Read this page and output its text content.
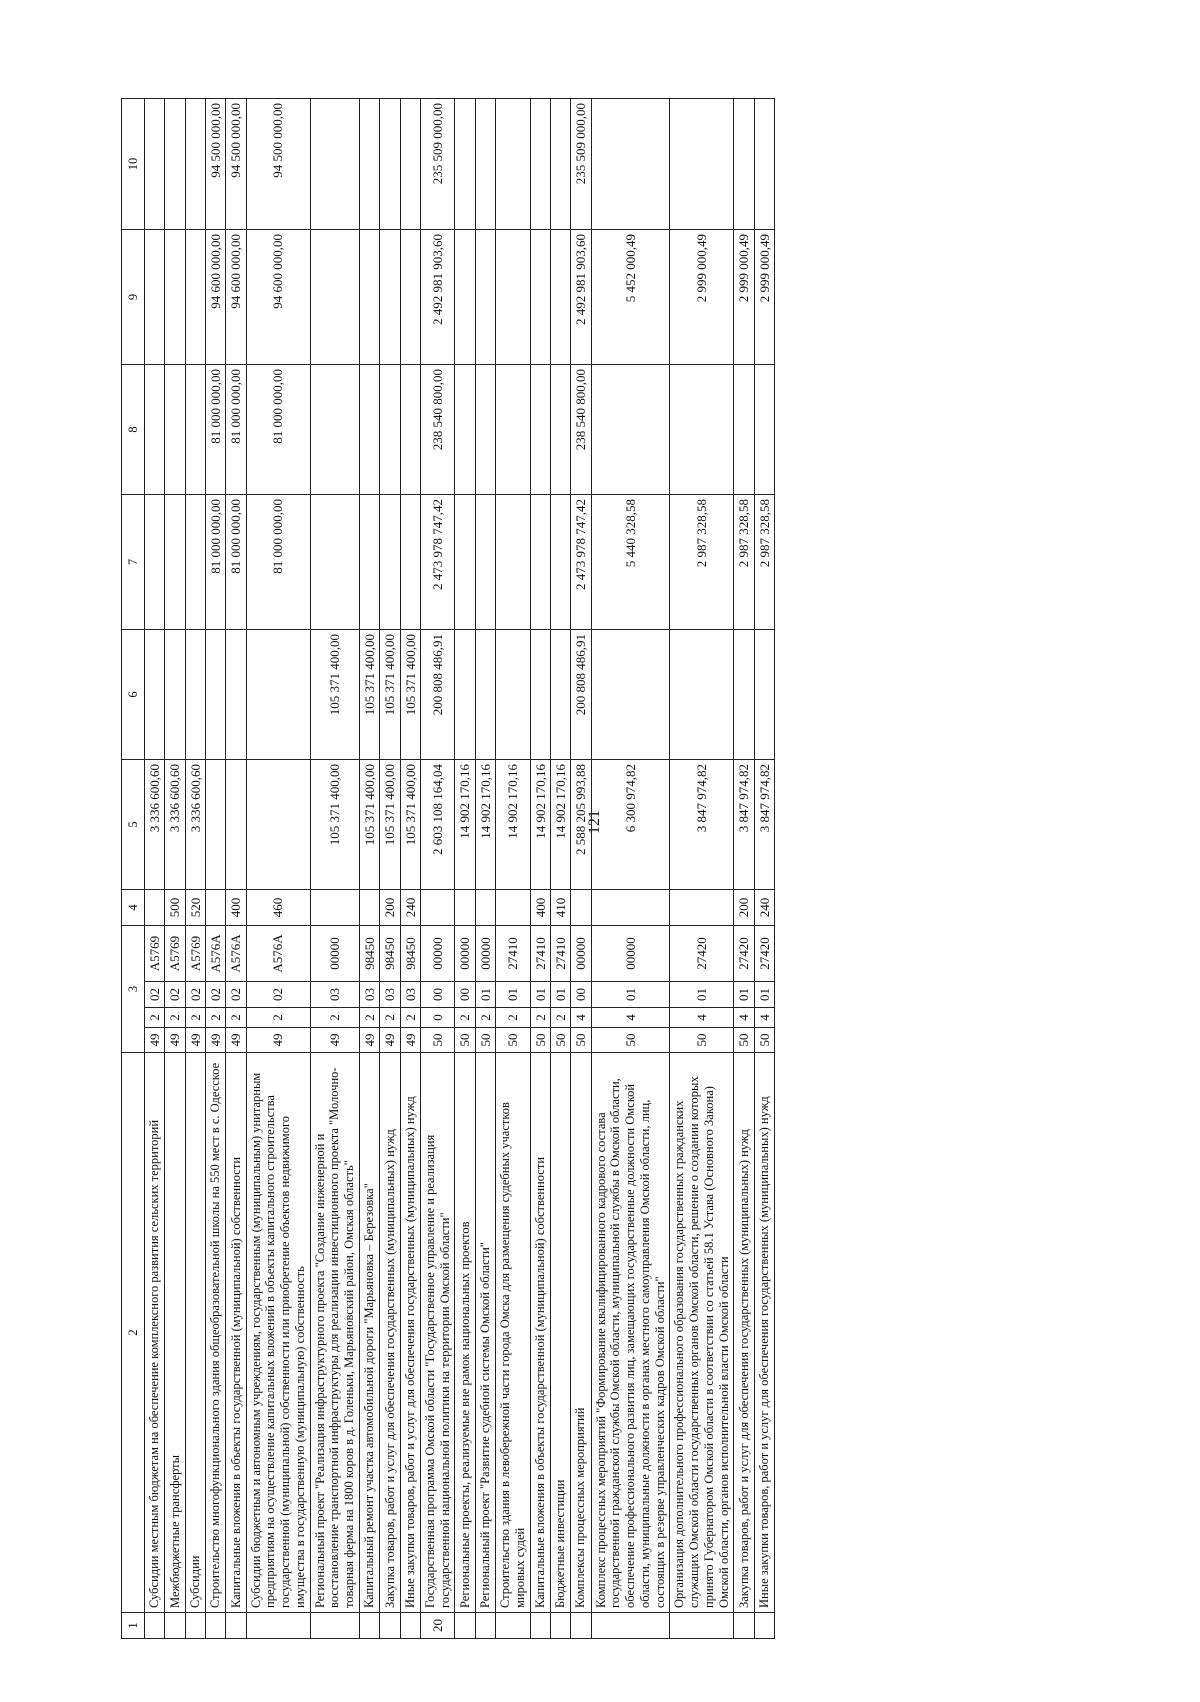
121
1	2	3				4	5	6	7	8	9	10
	Субсидии местным бюджетам на обеспечение комплексного развития сельских территорий	49	2	02	A5769		3 336 600,60					
	Межбюджетные трансферты	49	2	02	A5769	500	3 336 600,60					
	Субсидии	49	2	02	A5769	520	3 336 600,60					
	Строительство многофункционального здания общеобразовательной школы на 550 мест в с. Одесское	49	2	02	A576A				81 000 000,00	81 000 000,00	94 600 000,00	94 500 000,00
	Капитальные вложения в объекты государственной (муниципальной) собственности	49	2	02	A576A	400			81 000 000,00	81 000 000,00	94 600 000,00	94 500 000,00
	Субсидии бюджетным и автономным учреждениям, государственным (муниципальным) унитарным предприятиям на осуществление капитальных вложений в объекты капитального строительства государственной (муниципальной) собственности или приобретение объектов недвижимого имущества в государственную (муниципальную) собственность	49	2	02	A576A	460			81 000 000,00	81 000 000,00	94 600 000,00	94 500 000,00
	Региональный проект "Реализация инфраструктурного проекта "Создание инженерной и восстановление транспортной инфраструктуры для реализации инвестиционного проекта "Молочно-товарная ферма на 1800 коров в д. Голеньки, Марьяновский район, Омская область"	49	2	03	00000		105 371 400,00	105 371 400,00				
	Капитальный ремонт участка автомобильной дороги "Марьяновка – Березовка"	49	2	03	98450		105 371 400,00	105 371 400,00				
	Закупка товаров, работ и услуг для обеспечения государственных (муниципальных) нужд	49	2	03	98450	200	105 371 400,00	105 371 400,00				
	Иные закупки товаров, работ и услуг для обеспечения государственных (муниципальных) нужд	49	2	03	98450	240	105 371 400,00	105 371 400,00				
20	Государственная программа Омской области "Государственное управление и реализация государственной национальной политики на территории Омской области"	50	0	00	00000		2 603 108 164,04	200 808 486,91	2 473 978 747,42	238 540 800,00	2 492 981 903,60	235 509 000,00
	Региональные проекты, реализуемые вне рамок национальных проектов	50	2	00	00000		14 902 170,16					
	Региональный проект "Развитие судебной системы Омской области"	50	2	01	00000		14 902 170,16					
	Строительство здания в левобережной части города Омска для размещения судебных участков мировых судей	50	2	01	27410		14 902 170,16					
	Капитальные вложения в объекты государственной (муниципальной) собственности	50	2	01	27410	400	14 902 170,16					
	Бюджетные инвестиции	50	2	01	27410	410	14 902 170,16					
	Комплексы процессных мероприятий	50	4	00	00000		2 588 205 993,88	200 808 486,91	2 473 978 747,42	238 540 800,00	2 492 981 903,60	235 509 000,00
	Комплекс процессных мероприятий "Формирование квалифицированного кадрового состава государственной гражданской службы Омской области, муниципальной службы в Омской области, обеспечение профессионального развития лиц, замещающих государственные должности Омской области, муниципальные должности в органах местного самоуправления Омской области, лиц, состоящих в резерве управленческих кадров Омской области"	50	4	01	00000		6 300 974,82		5 440 328,58		5 452 000,49	
	Организация дополнительного профессионального образования государственных гражданских служащих Омской области государственных органов Омской области, решение о создании которых принято Губернатором Омской области в соответствии со статьей 58.1 Устава (Основного Закона) Омской области, органов исполнительной власти Омской области	50	4	01	27420		3 847 974,82		2 987 328,58		2 999 000,49	
	Закупка товаров, работ и услуг для обеспечения государственных (муниципальных) нужд	50	4	01	27420	200	3 847 974,82		2 987 328,58		2 999 000,49	
	Иные закупки товаров, работ и услуг для обеспечения государственных (муниципальных) нужд	50	4	01	27420	240	3 847 974,82		2 987 328,58		2 999 000,49	
